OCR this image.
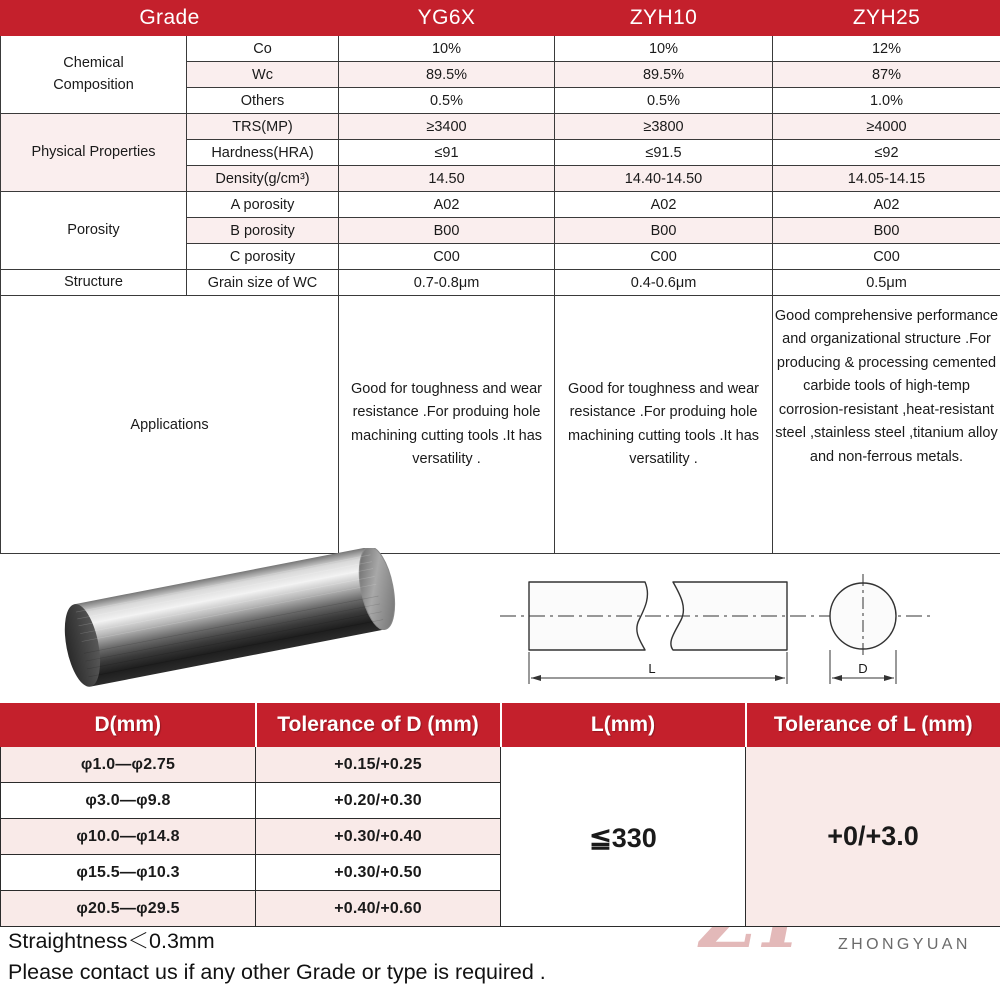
Grade		YG6X	ZYH10	ZYH25
Chemical
Composition	Co	10%	10%	12%
	Wc	89.5%	89.5%	87%
	Others	0.5%	0.5%	1.0%
Physical Properties	TRS(MP)	≥3400	≥3800	≥4000
	Hardness(HRA)	≤91	≤91.5	≤92
	Density(g/cm³)	14.50	14.40-14.50	14.05-14.15
Porosity	A porosity	A02	A02	A02
	B porosity	B00	B00	B00
	C porosity	C00	C00	C00
Structure	Grain size of WC	0.7-0.8μm	0.4-0.6μm	0.5μm
Applications		Good for toughness and wear resistance .For produing hole machining cutting tools .It has versatility .	Good for toughness and wear resistance .For produing hole machining cutting tools .It has versatility .	Good comprehensive performance and organizational structure .For producing & processing cemented carbide tools of high-temp corrosion-resistant ,heat-resistant steel ,stainless steel ,titanium alloy and non-ferrous metals.
L	D
ZHONGYUAN
D(mm)	Tolerance of D (mm)	L(mm)	Tolerance of L (mm)
φ1.0—φ2.75	+0.15/+0.25	≦330	+0/+3.0
φ3.0—φ9.8	+0.20/+0.30		
φ10.0—φ14.8	+0.30/+0.40		
φ15.5—φ10.3	+0.30/+0.50		
φ20.5—φ29.5	+0.40/+0.60		
Straightness＜0.3mm
Please contact us if any other Grade or type is required .
